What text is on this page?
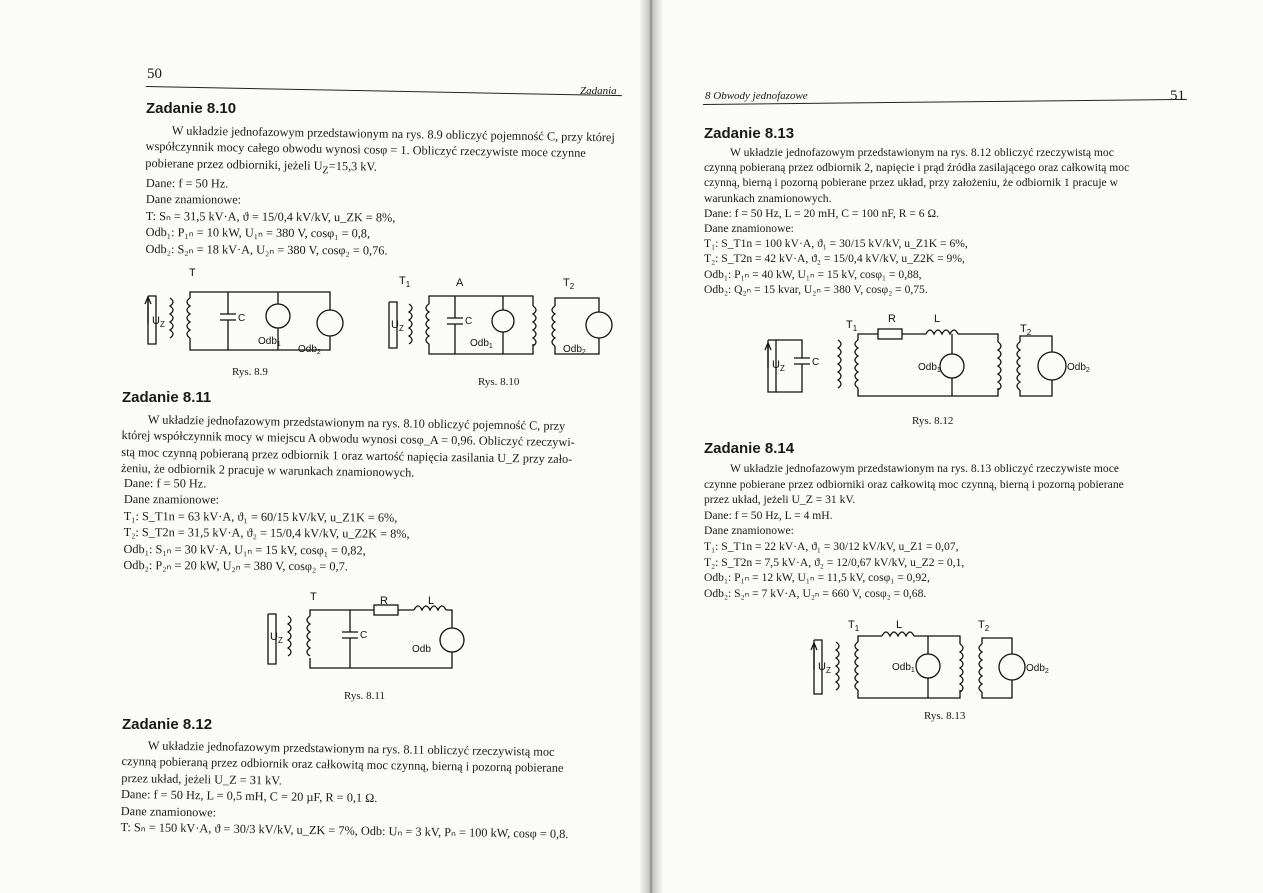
50
Zadania
Zadanie 8.10
W układzie jednofazowym przedstawionym na rys. 8.9 obliczyć pojemność C, przy której współczynnik mocy całego obwodu wynosi cosφ = 1. Obliczyć rzeczywiste moce czynne pobierane przez odbiorniki, jeżeli $U_Z=15,3$ kV.
Dane: f = 50 Hz.
Dane znamionowe:
T: Sₙ = 31,5 kV·A, ϑ = 15/0,4 kV/kV, u_ZK = 8%,
Odb₁: P₁ₙ = 10 kW, U₁ₙ = 380 V, cosφ₁ = 0,8,
Odb₂: S₂ₙ = 18 kV·A, U₂ₙ = 380 V, cosφ₂ = 0,76.
T
$U_Z$
C
Odb$_1$ Odb$_2$
Rys. 8.9
$T_1$	A	$T_2$
$U_Z$
C
Odb$_1$	Odb$_2$
Rys. 8.10
Zadanie 8.11
W układzie jednofazowym przedstawionym na rys. 8.10 obliczyć pojemność C, przy
której współczynnik mocy w miejscu A obwodu wynosi cosφ_A = 0,96. Obliczyć rzeczywi-
stą moc czynną pobieraną przez odbiornik 1 oraz wartość napięcia zasilania U_Z przy zało-
żeniu, że odbiornik 2 pracuje w warunkach znamionowych.
Dane: f = 50 Hz.
Dane znamionowe:
T₁: S_T1n = 63 kV·A, ϑ₁ = 60/15 kV/kV, u_Z1K = 6%,
T₂: S_T2n = 31,5 kV·A, ϑ₂ = 15/0,4 kV/kV, u_Z2K = 8%,
Odb₁: S₁ₙ = 30 kV·A, U₁ₙ = 15 kV, cosφ₁ = 0,82,
Odb₂: P₂ₙ = 20 kW, U₂ₙ = 380 V, cosφ₂ = 0,7.
T	R	L
$U_Z$	C
Odb
Rys. 8.11
Zadanie 8.12
W układzie jednofazowym przedstawionym na rys. 8.11 obliczyć rzeczywistą moc
czynną pobieraną przez odbiornik oraz całkowitą moc czynną, bierną i pozorną pobierane
przez układ, jeżeli U_Z = 31 kV.
Dane: f = 50 Hz, L = 0,5 mH, C = 20 µF, R = 0,1 Ω.
Dane znamionowe:
T: Sₙ = 150 kV·A, ϑ = 30/3 kV/kV, u_ZK = 7%, Odb: Uₙ = 3 kV, Pₙ = 100 kW, cosφ = 0,8.
8 Obwody jednofazowe	51
Zadanie 8.13
W układzie jednofazowym przedstawionym na rys. 8.12 obliczyć rzeczywistą moc
czynną pobieraną przez odbiornik 2, napięcie i prąd źródła zasilającego oraz całkowitą moc
czynną, bierną i pozorną pobierane przez układ, przy założeniu, że odbiornik 1 pracuje w
warunkach znamionowych.
Dane: f = 50 Hz, L = 20 mH, C = 100 nF, R = 6 Ω.
Dane znamionowe:
T₁: S_T1n = 100 kV·A, ϑ₁ = 30/15 kV/kV, u_Z1K = 6%,
T₂: S_T2n = 42 kV·A, ϑ₂ = 15/0,4 kV/kV, u_Z2K = 9%,
Odb₁: P₁ₙ = 40 kW, U₁ₙ = 15 kV, cosφ₁ = 0,88,
Odb₂: Q₂ₙ = 15 kvar, U₂ₙ = 380 V, cosφ₂ = 0,75.
$T_1$
R	L
$T_2$
$U_Z$
C	Odb$_1$	Odb$_2$
Rys. 8.12
Zadanie 8.14
W układzie jednofazowym przedstawionym na rys. 8.13 obliczyć rzeczywiste moce
czynne pobierane przez odbiorniki oraz całkowitą moc czynną, bierną i pozorną pobierane
przez układ, jeżeli U_Z = 31 kV.
Dane: f = 50 Hz, L = 4 mH.
Dane znamionowe:
T₁: S_T1n = 22 kV·A, ϑ₁ = 30/12 kV/kV, u_Z1 = 0,07,
T₂: S_T2n = 7,5 kV·A, ϑ₂ = 12/0,67 kV/kV, u_Z2 = 0,1,
Odb₁: P₁ₙ = 12 kW, U₁ₙ = 11,5 kV, cosφ₁ = 0,92,
Odb₂: S₂ₙ = 7 kV·A, U₂ₙ = 660 V, cosφ₂ = 0,68.
$T_1$	L	$T_2$
$U_Z$	Odb$_1$	Odb$_2$
Rys. 8.13
